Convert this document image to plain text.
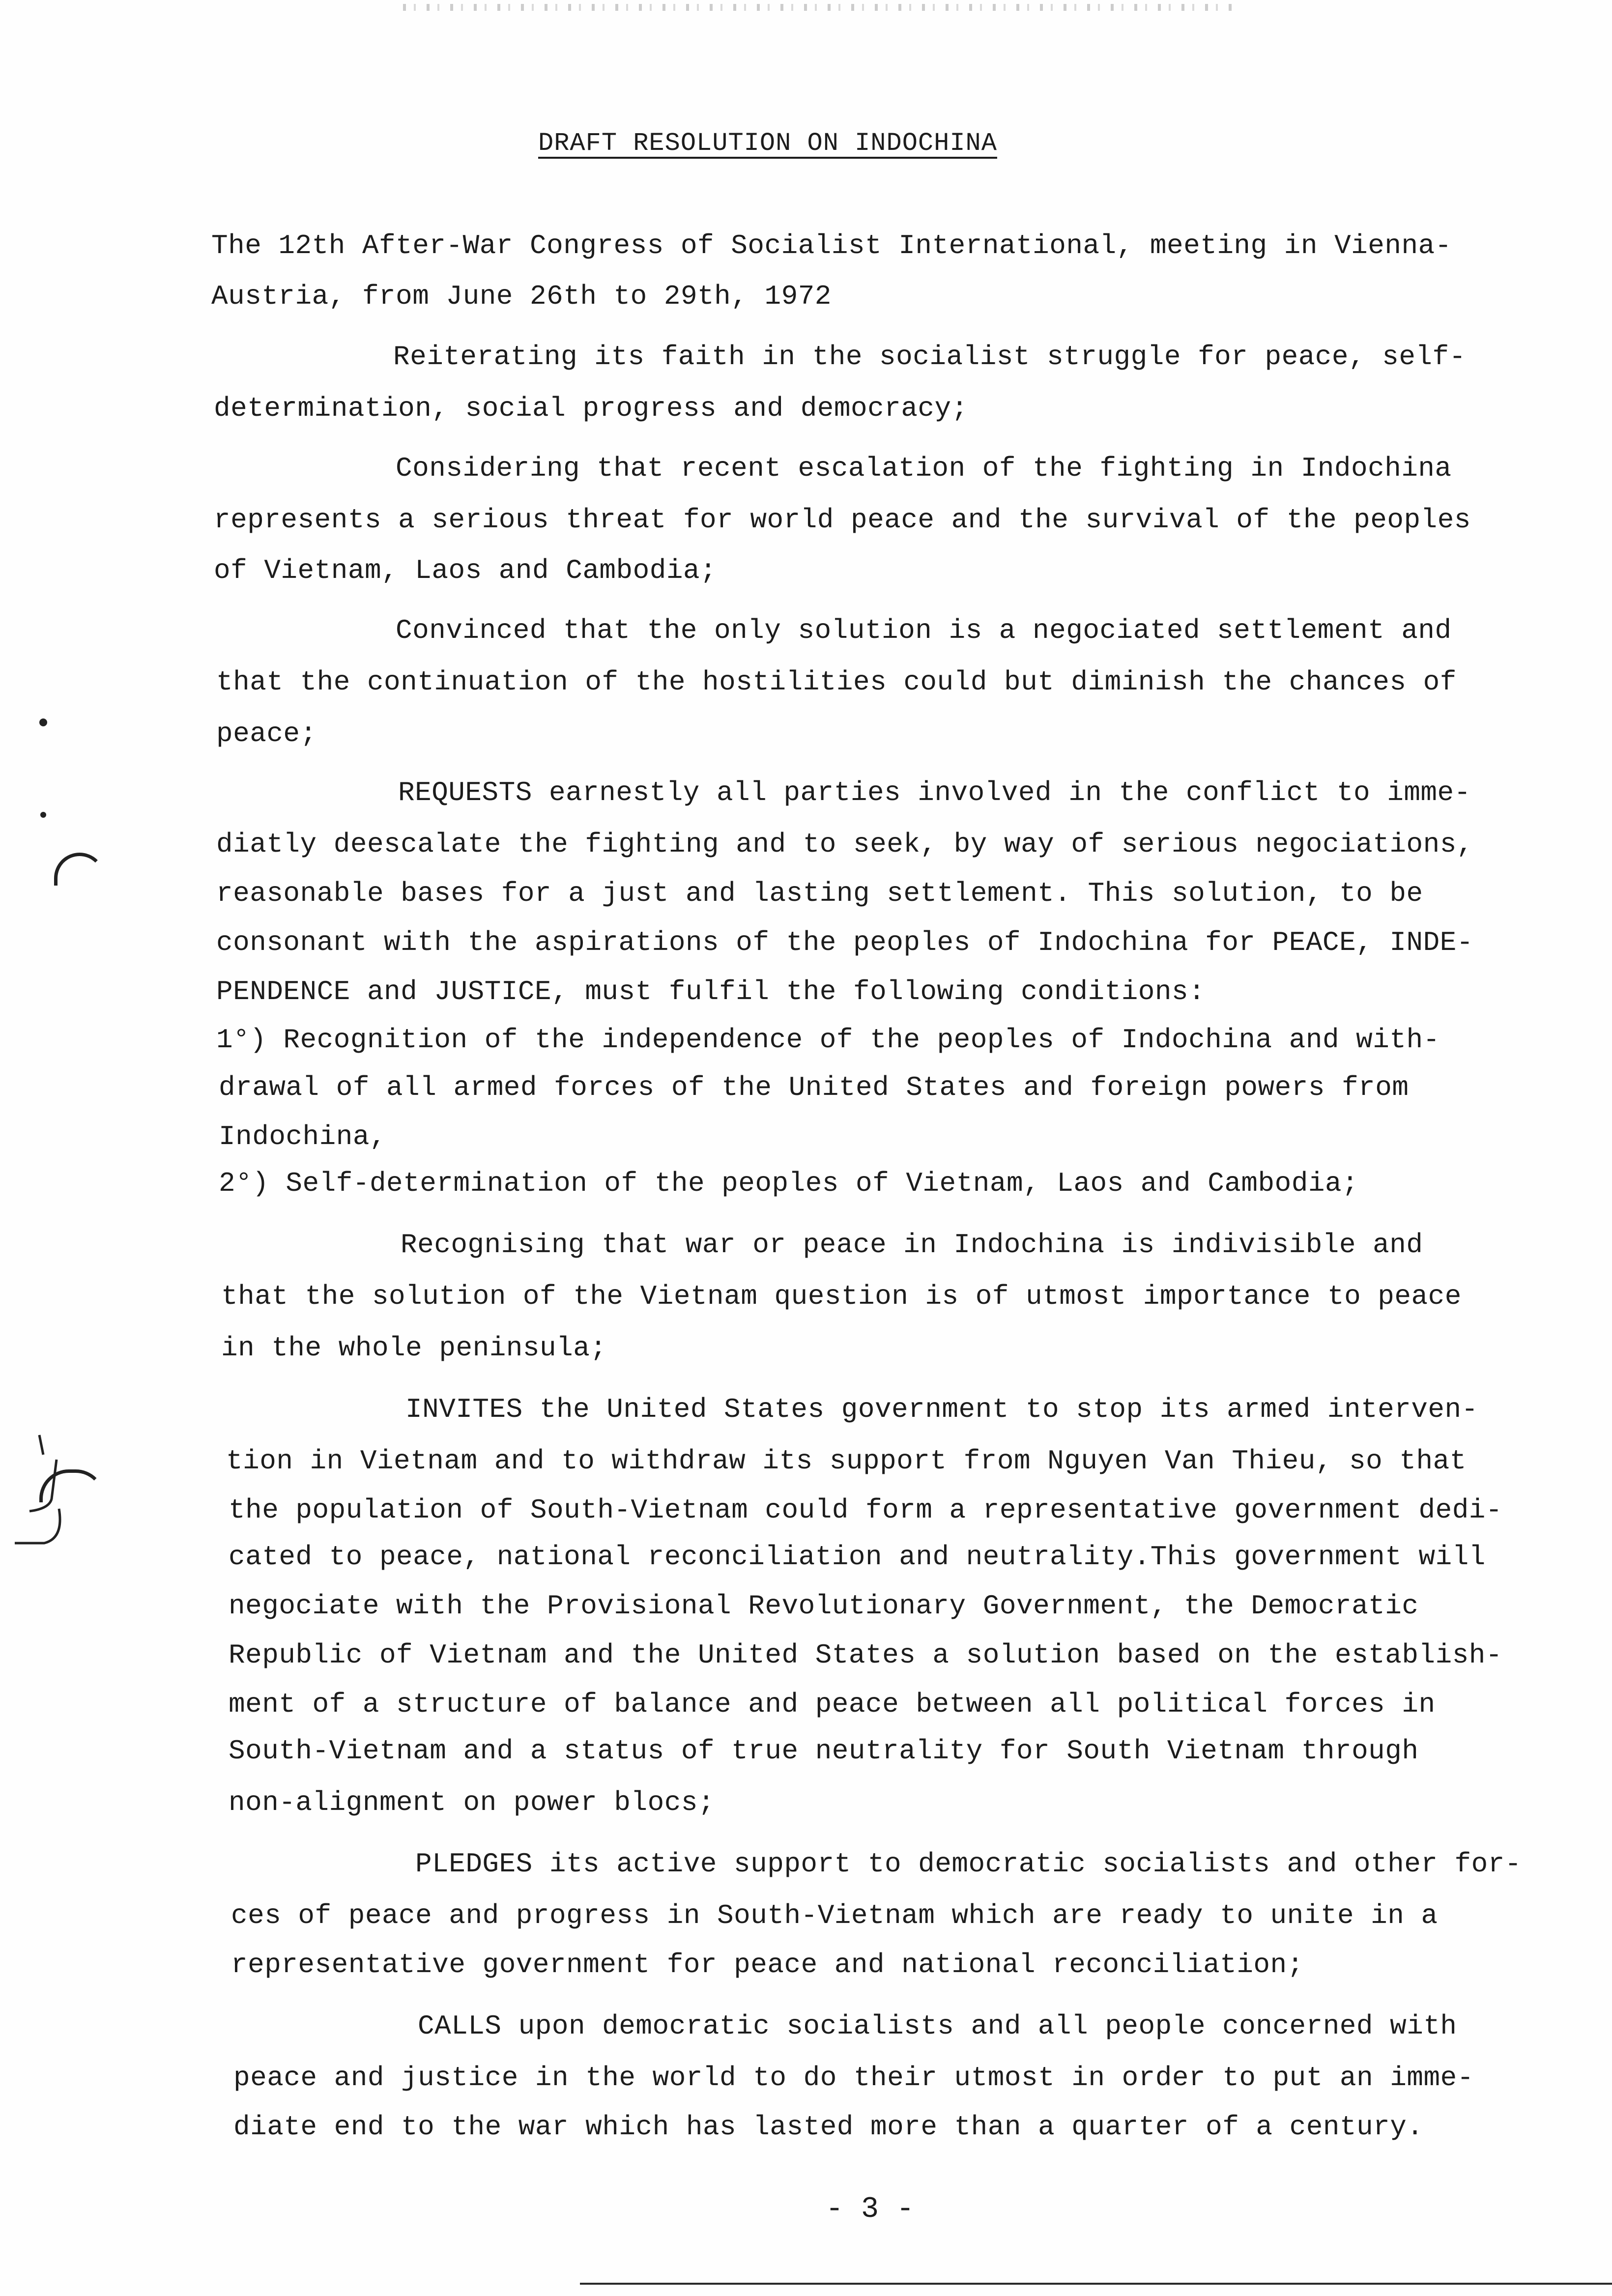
DRAFT RESOLUTION ON INDOCHINA
The 12th After-War Congress of Socialist International, meeting in Vienna-
Austria, from June 26th to 29th, 1972
Reiterating its faith in the socialist struggle for peace, self-
determination, social progress and democracy;
Considering that recent escalation of the fighting in Indochina
represents a serious threat for world peace and the survival of the peoples
of Vietnam, Laos and Cambodia;
Convinced that the only solution is a negociated settlement and
that the continuation of the hostilities could but diminish the chances of
peace;
REQUESTS earnestly all parties involved in the conflict to imme-
diatly deescalate the fighting and to seek, by way of serious negociations,
reasonable bases for a just and lasting settlement. This solution, to be
consonant with the aspirations of the peoples of Indochina for PEACE, INDE-
PENDENCE and JUSTICE, must fulfil the following conditions:
1°) Recognition of the independence of the peoples of Indochina and with-
drawal of all armed forces of the United States and foreign powers from
Indochina,
2°) Self-determination of the peoples of Vietnam, Laos and Cambodia;
Recognising that war or peace in Indochina is indivisible and
that the solution of the Vietnam question is of utmost importance to peace
in the whole peninsula;
INVITES the United States government to stop its armed interven-
tion in Vietnam and to withdraw its support from Nguyen Van Thieu, so that
the population of South-Vietnam could form a representative government dedi-
cated to peace, national reconciliation and neutrality.This government will
negociate with the Provisional Revolutionary Government, the Democratic
Republic of Vietnam and the United States a solution based on the establish-
ment of a structure of balance and peace between all political forces in
South-Vietnam and a status of true neutrality for South Vietnam through
non-alignment on power blocs;
PLEDGES its active support to democratic socialists and other for-
ces of peace and progress in South-Vietnam which are ready to unite in a
representative government for peace and national reconciliation;
CALLS upon democratic socialists and all people concerned with
peace and justice in the world to do their utmost in order to put an imme-
diate end to the war which has lasted more than a quarter of a century.
- 3 -
